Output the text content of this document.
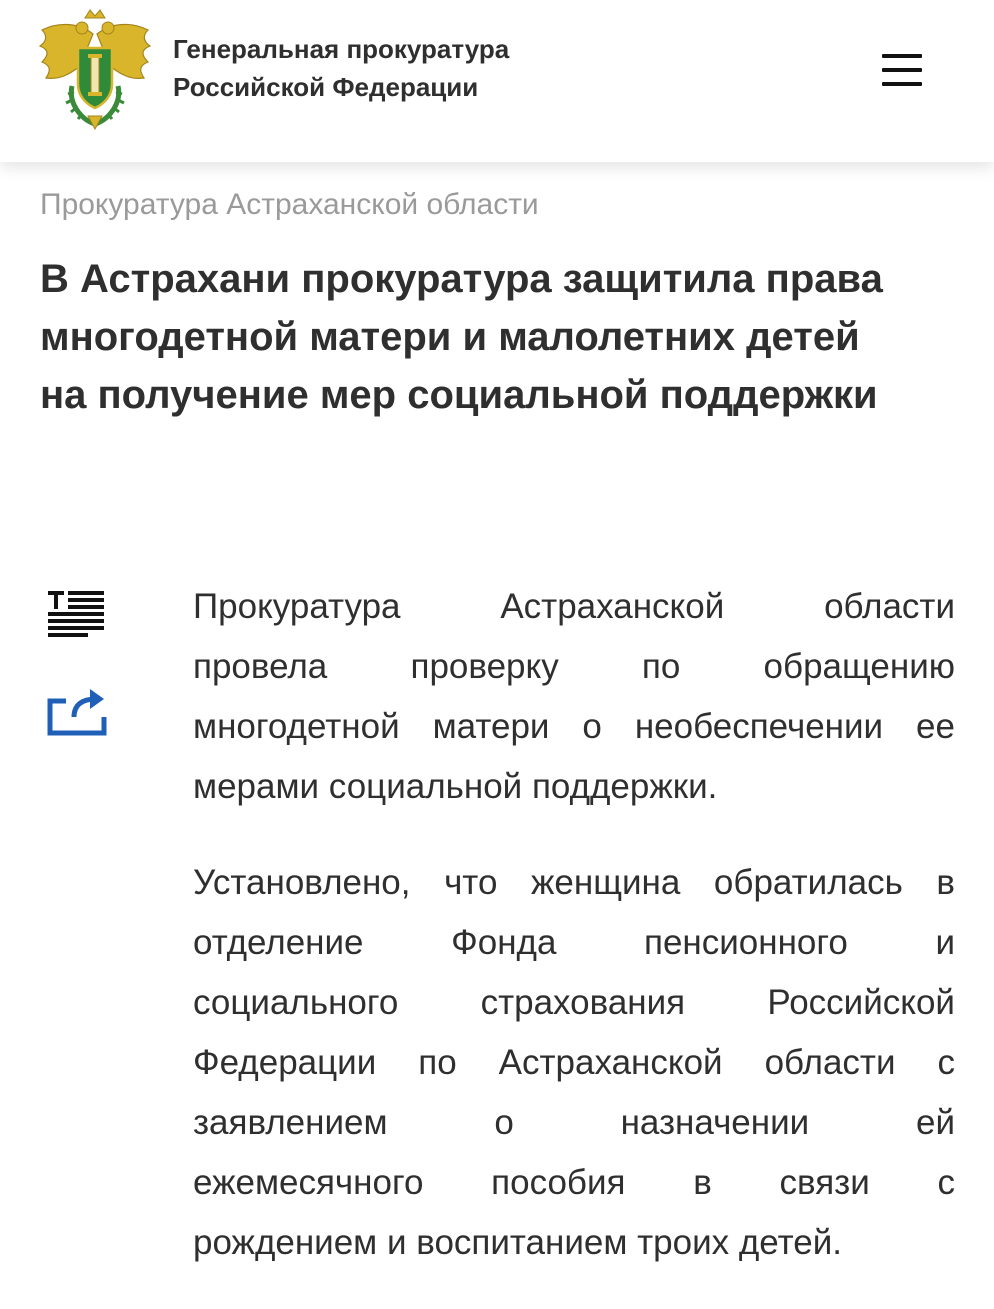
Генеральная прокуратура
Российской Федерации
Прокуратура Астраханской области
В Астрахани прокуратура защитила права
многодетной матери и малолетних детей
на получение мер социальной поддержки

Прокуратура Астраханской области
провела проверку по обращению
многодетной матери о необеспечении ее
мерами социальной поддержки.

Установлено, что женщина обратилась в
отделение Фонда пенсионного и
социального страхования Российской
Федерации по Астраханской области с
заявлением о назначении ей
ежемесячного пособия в связи с
рождением и воспитанием троих детей.
